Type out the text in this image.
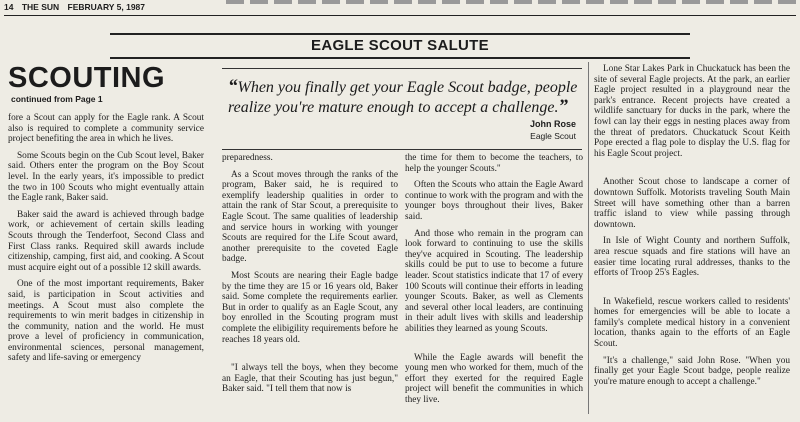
14 THE SUN FEBRUARY 5, 1987
EAGLE SCOUT SALUTE
SCOUTING
continued from Page 1

fore a Scout can apply for the Eagle rank. A Scout also is required to complete a community service project benefiting the area in which he lives.

Some Scouts begin on the Cub Scout level, Baker said. Others enter the program on the Boy Scout level. In the early years, it's impossible to predict the two in 100 Scouts who might eventually attain the Eagle rank, Baker said.

Baker said the award is achieved through badge work, or achievement of certain skills leading Scouts through the Tenderfoot, Second Class and First Class ranks. Required skill awards include citizenship, camping, first aid, and cooking. A Scout must acquire eight out of a possible 12 skill awards.

One of the most important requirements, Baker said, is participation in Scout activities and meetings. A Scout must also complete the requirements to win merit badges in citizenship in the community, nation and the world. He must prove a level of proficiency in communication, environmental sciences, personal management, safety and life-saving or emergency

“When you finally get your Eagle Scout badge, people realize you're mature enough to accept a challenge.”
John Rose
Eagle Scout

preparedness.

As a Scout moves through the ranks of the program, Baker said, he is required to exemplify leadership qualities in order to attain the rank of Star Scout, a prerequisite to Eagle Scout. The same qualities of leadership and service hours in working with younger Scouts are required for the Life Scout award, another prerequisite to the coveted Eagle badge.

Most Scouts are nearing their Eagle badge by the time they are 15 or 16 years old, Baker said. Some complete the requirements earlier. But in order to qualify as an Eagle Scout, any boy enrolled in the Scouting program must complete the elibigility requirements before he reaches 18 years old.

"I always tell the boys, when they become an Eagle, that their Scouting has just begun," Baker said. "I tell them that now is

the time for them to become the teachers, to help the younger Scouts."

Often the Scouts who attain the Eagle Award continue to work with the program and with the younger boys throughout their lives, Baker said.

And those who remain in the program can look forward to continuing to use the skills they've acquired in Scouting. The leadership skills could be put to use to become a future leader. Scout statistics indicate that 17 of every 100 Scouts will continue their efforts in leading younger Scouts. Baker, as well as Clements and several other local leaders, are continuing in their adult lives with skills and leadership abilities they learned as young Scouts.

While the Eagle awards will benefit the young men who worked for them, much of the effort they exerted for the required Eagle project will benefit the communities in which they live.

Lone Star Lakes Park in Chuckatuck has been the site of several Eagle projects. At the park, an earlier Eagle project resulted in a playground near the park's entrance. Recent projects have created a wildlife sanctuary for ducks in the park, where the fowl can lay their eggs in nesting places away from the threat of predators. Chuckatuck Scout Keith Pope erected a flag pole to display the U.S. flag for his Eagle Scout project.

Another Scout chose to landscape a corner of downtown Suffolk. Motorists traveling South Main Street will have something other than a barren traffic island to view while passing through downtown.

In Isle of Wight County and northern Suffolk, area rescue squads and fire stations will have an easier time locating rural addresses, thanks to the efforts of Troop 25's Eagles.

In Wakefield, rescue workers called to residents' homes for emergencies will be able to locate a family's complete medical history in a convenient location, thanks again to the efforts of an Eagle Scout.

"It's a challenge," said John Rose. "When you finally get your Eagle Scout badge, people realize you're mature enough to accept a challenge."
